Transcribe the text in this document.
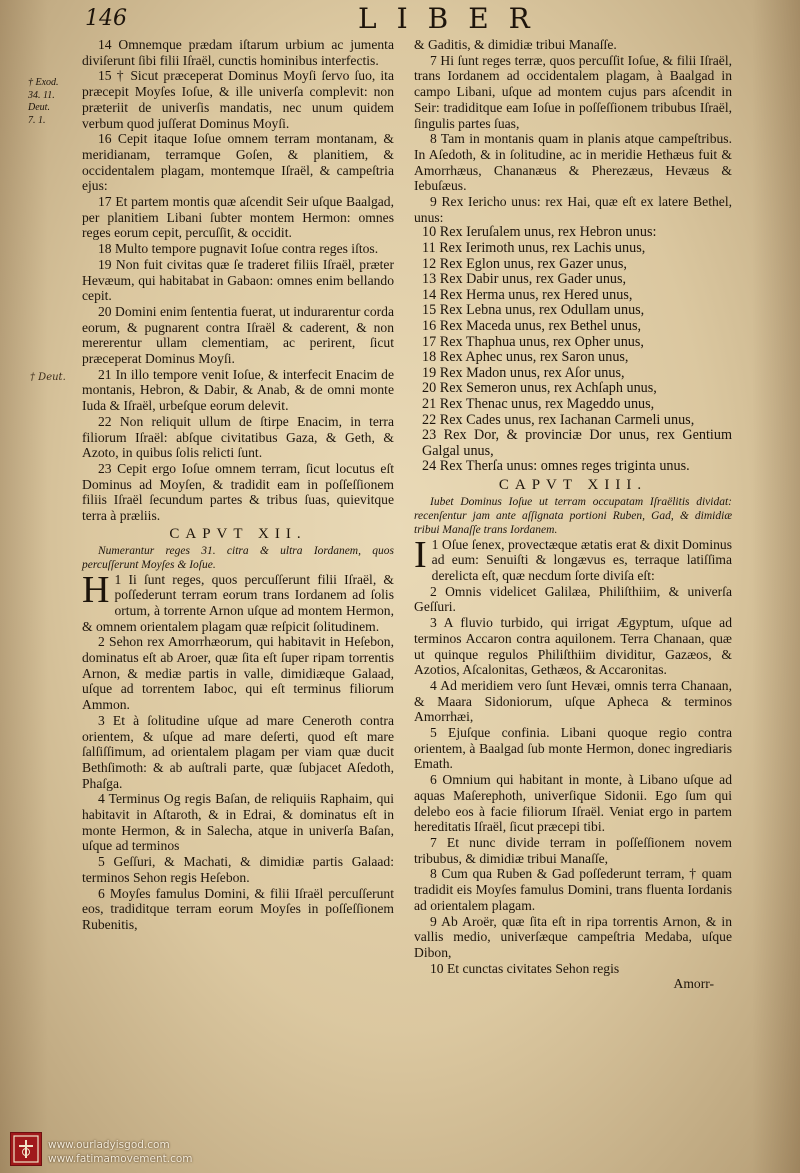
146	LIBER
† Exod.
34. 11.
Deut.
7. 1.
† Deut.

14 Omnemque prædam iſtarum urbium ac jumenta diviſerunt ſibi filii Iſraël, cunctis hominibus interfectis.

15 † Sicut præceperat Dominus Moyſi ſervo ſuo, ita præcepit Moyſes Ioſue, & ille univerſa complevit: non præteriit de univerſis mandatis, nec unum quidem verbum quod juſſerat Dominus Moyſi.

16 Cepit itaque Ioſue omnem terram montanam, & meridianam, terramque Goſen, & planitiem, & occidentalem plagam, montemque Iſraël, & campeſtria ejus:

17 Et partem montis quæ aſcendit Seir uſque Baalgad, per planitiem Libani ſubter montem Hermon: omnes reges eorum cepit, percuſſit, & occidit.

18 Multo tempore pugnavit Ioſue contra reges iſtos.

19 Non fuit civitas quæ ſe traderet filiis Iſraël, præter Hevæum, qui habitabat in Gabaon: omnes enim bellando cepit.

20 Domini enim ſententia fuerat, ut indurarentur corda eorum, & pugnarent contra Iſraël & caderent, & non mererentur ullam clementiam, ac perirent, ſicut præceperat Dominus Moyſi.

21 In illo tempore venit Ioſue, & interfecit Enacim de montanis, Hebron, & Dabir, & Anab, & de omni monte Iuda & Iſraël, urbeſque eorum delevit.

22 Non reliquit ullum de ſtirpe Enacim, in terra filiorum Iſraël: abſque civitatibus Gaza, & Geth, & Azoto, in quibus ſolis relicti ſunt.

23 Cepit ergo Ioſue omnem terram, ſicut locutus eſt Dominus ad Moyſen, & tradidit eam in poſſeſſionem filiis Iſraël ſecundum partes & tribus ſuas, quievitque terra à præliis.

CAPVT XII.

Numerantur reges 31. citra & ultra Iordanem, quos percuſſerunt Moyſes & Ioſue.

H 1 Ii ſunt reges, quos percuſſerunt filii Iſraël, & poſſederunt terram eorum trans Iordanem ad ſolis ortum, à torrente Arnon uſque ad montem Hermon, & omnem orientalem plagam quæ reſpicit ſolitudinem.

2 Sehon rex Amorrhæorum, qui habitavit in Heſebon, dominatus eſt ab Aroer, quæ ſita eſt ſuper ripam torrentis Arnon, & mediæ partis in valle, dimidiæque Galaad, uſque ad torrentem Iaboc, qui eſt terminus filiorum Ammon.

3 Et à ſolitudine uſque ad mare Ceneroth contra orientem, & uſque ad mare deſerti, quod eſt mare ſalſiſſimum, ad orientalem plagam per viam quæ ducit Bethſimoth: & ab auſtrali parte, quæ ſubjacet Aſedoth, Phaſga.

4 Terminus Og regis Baſan, de reliquiis Raphaim, qui habitavit in Aſtaroth, & in Edrai, & dominatus eſt in monte Hermon, & in Salecha, atque in univerſa Baſan, uſque ad terminos

5 Geſſuri, & Machati, & dimidiæ partis Galaad: terminos Sehon regis Heſebon.

6 Moyſes famulus Domini, & filii Iſraël percuſſerunt eos, tradiditque terram eorum Moyſes in poſſeſſionem Rubenitis,

& Gaditis, & dimidiæ tribui Manaſſe.

7 Hi ſunt reges terræ, quos percuſſit Ioſue, & filii Iſraël, trans Iordanem ad occidentalem plagam, à Baalgad in campo Libani, uſque ad montem cujus pars aſcendit in Seir: tradiditque eam Ioſue in poſſeſſionem tribubus Iſraël, ſingulis partes ſuas,

8 Tam in montanis quam in planis atque campeſtribus. In Aſedoth, & in ſolitudine, ac in meridie Hethæus fuit & Amorrhæus, Chananæus & Pherezæus, Hevæus & Iebuſæus.

9 Rex Iericho unus: rex Hai, quæ eſt ex latere Bethel, unus:

10 Rex Ieruſalem unus, rex Hebron unus:
11 Rex Ierimoth unus, rex Lachis unus,
12 Rex Eglon unus, rex Gazer unus,
13 Rex Dabir unus, rex Gader unus,
14 Rex Herma unus, rex Hered unus,
15 Rex Lebna unus, rex Odullam unus,
16 Rex Maceda unus, rex Bethel unus,
17 Rex Thaphua unus, rex Opher unus,
18 Rex Aphec unus, rex Saron unus,
19 Rex Madon unus, rex Aſor unus,
20 Rex Semeron unus, rex Achſaph unus,
21 Rex Thenac unus, rex Mageddo unus,
22 Rex Cades unus, rex Iachanan Carmeli unus,
23 Rex Dor, & provinciæ Dor unus, rex Gentium Galgal unus,
24 Rex Therſa unus: omnes reges triginta unus.
CAPVT XIII.

Iubet Dominus Ioſue ut terram occupatam Iſraëlitis dividat: recenſentur jam ante aſſignata portioni Ruben, Gad, & dimidiæ tribui Manaſſe trans Iordanem.

I 1 Oſue ſenex, provectæque ætatis erat & dixit Dominus ad eum: Senuiſti & longævus es, terraque latiſſima derelicta eſt, quæ necdum ſorte diviſa eſt:

2 Omnis videlicet Galilæa, Philiſthiim, & univerſa Geſſuri.

3 A fluvio turbido, qui irrigat Ægyptum, uſque ad terminos Accaron contra aquilonem. Terra Chanaan, quæ ut quinque regulos Philiſthiim dividitur, Gazæos, & Azotios, Aſcalonitas, Gethæos, & Accaronitas.

4 Ad meridiem vero ſunt Hevæi, omnis terra Chanaan, & Maara Sidoniorum, uſque Apheca & terminos Amorrhæi,

5 Ejuſque confinia. Libani quoque regio contra orientem, à Baalgad ſub monte Hermon, donec ingrediaris Emath.

6 Omnium qui habitant in monte, à Libano uſque ad aquas Maſerephoth, univerſique Sidonii. Ego ſum qui delebo eos à facie filiorum Iſraël. Veniat ergo in partem hereditatis Iſraël, ſicut præcepi tibi.

7 Et nunc divide terram in poſſeſſionem novem tribubus, & dimidiæ tribui Manaſſe,

8 Cum qua Ruben & Gad poſſederunt terram, † quam tradidit eis Moyſes famulus Domini, trans fluenta Iordanis ad orientalem plagam.

9 Ab Aroër, quæ ſita eſt in ripa torrentis Arnon, & in vallis medio, univerſæque campeſtria Medaba, uſque Dibon,

10 Et cunctas civitates Sehon regis

Amorr-
www.ourladyisgod.com
www.fatimamovement.com
